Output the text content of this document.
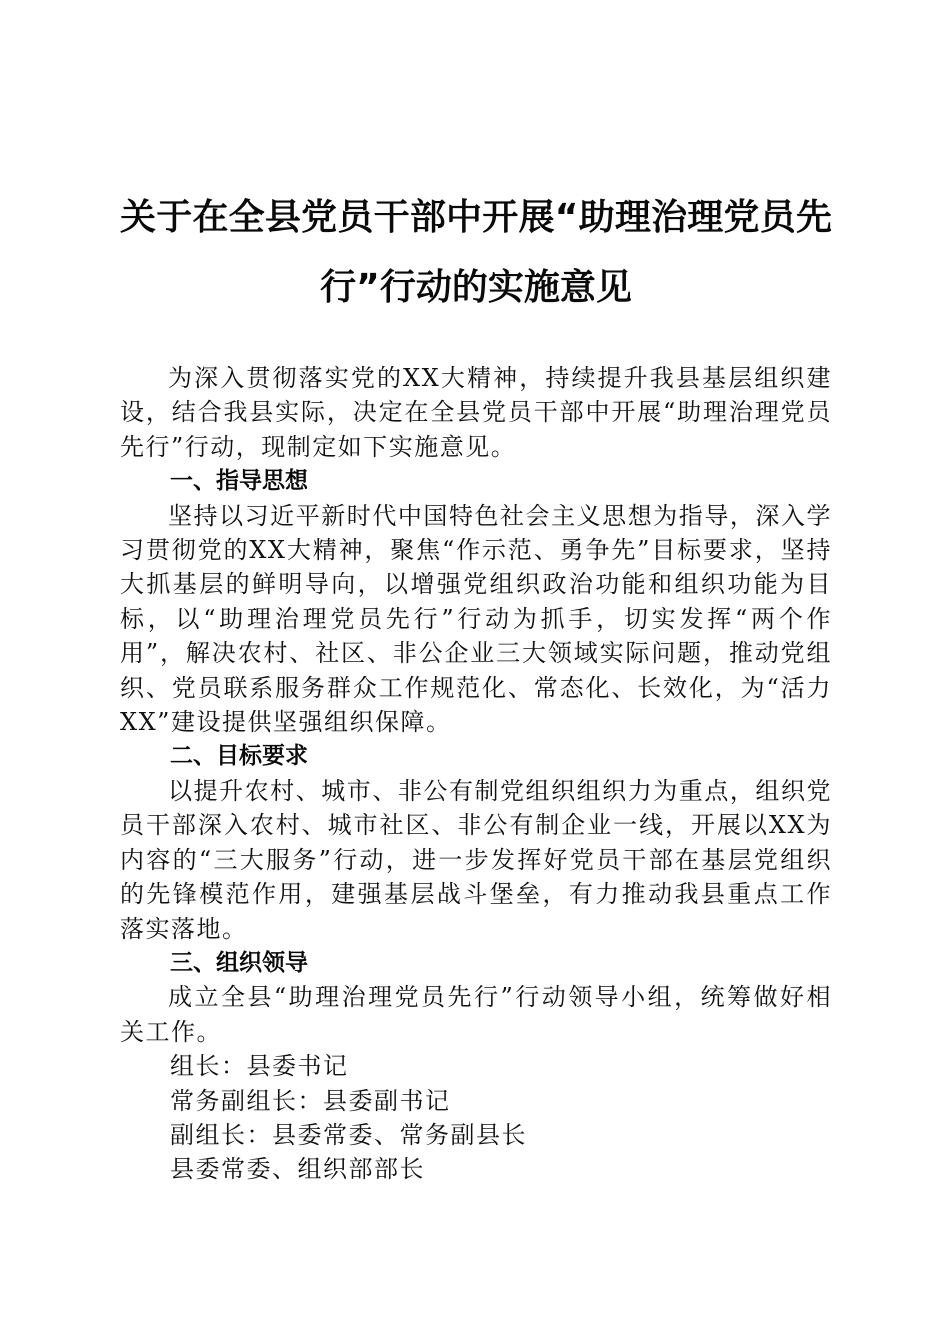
关于在全县党员干部中开展“助理治理党员先
行”行动的实施意见

为深入贯彻落实党的XX大精神，持续提升我县基层组织建设，结合我县实际，决定在全县党员干部中开展“助理治理党员先行”行动，现制定如下实施意见。

一、指导思想

坚持以习近平新时代中国特色社会主义思想为指导，深入学习贯彻党的XX大精神，聚焦“作示范、勇争先”目标要求，坚持大抓基层的鲜明导向，以增强党组织政治功能和组织功能为目标，以“助理治理党员先行”行动为抓手，切实发挥“两个作用”，解决农村、社区、非公企业三大领域实际问题，推动党组织、党员联系服务群众工作规范化、常态化、长效化，为“活力XX”建设提供坚强组织保障。

二、目标要求

以提升农村、城市、非公有制党组织组织力为重点，组织党员干部深入农村、城市社区、非公有制企业一线，开展以XX为内容的“三大服务”行动，进一步发挥好党员干部在基层党组织的先锋模范作用，建强基层战斗堡垒，有力推动我县重点工作落实落地。

三、组织领导

成立全县“助理治理党员先行”行动领导小组，统筹做好相关工作。

组长：县委书记

常务副组长：县委副书记

副组长：县委常委、常务副县长

县委常委、组织部部长
